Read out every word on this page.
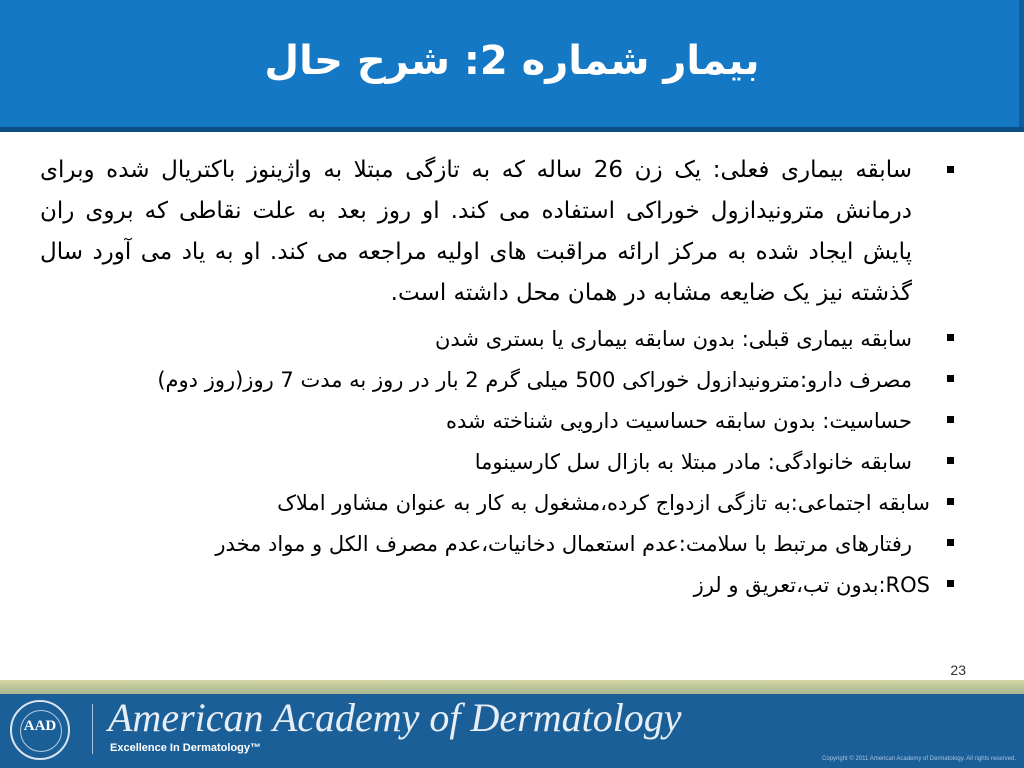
بیمار شماره 2: شرح حال
سابقه بیماری فعلی: یک زن 26 ساله که به تازگی مبتلا به واژینوز باکتریال شده وبرای درمانش مترونیدازول خوراکی استفاده می کند. او روز بعد به علت نقاطی که بروی ران پایش ایجاد شده به مرکز ارائه مراقبت های اولیه مراجعه می کند. او به یاد می آورد سال گذشته نیز یک ضایعه مشابه در همان محل داشته است.
سابقه بیماری قبلی: بدون سابقه بیماری یا بستری شدن
مصرف دارو:مترونیدازول خوراکی 500 میلی گرم 2 بار در روز به مدت 7 روز(روز دوم)
حساسیت: بدون سابقه حساسیت دارویی شناخته شده
سابقه خانوادگی: مادر مبتلا به بازال سل کارسینوما
سابقه اجتماعی:به تازگی ازدواج کرده،مشغول به کار به عنوان مشاور املاک
رفتارهای مرتبط با سلامت:عدم استعمال دخانیات،عدم مصرف الکل و مواد مخدر
ROS:بدون تب،تعریق و لرز
23
AAD American Academy of Dermatology
Excellence In Dermatology™
Copyright © 2011 American Academy of Dermatology. All rights reserved.
